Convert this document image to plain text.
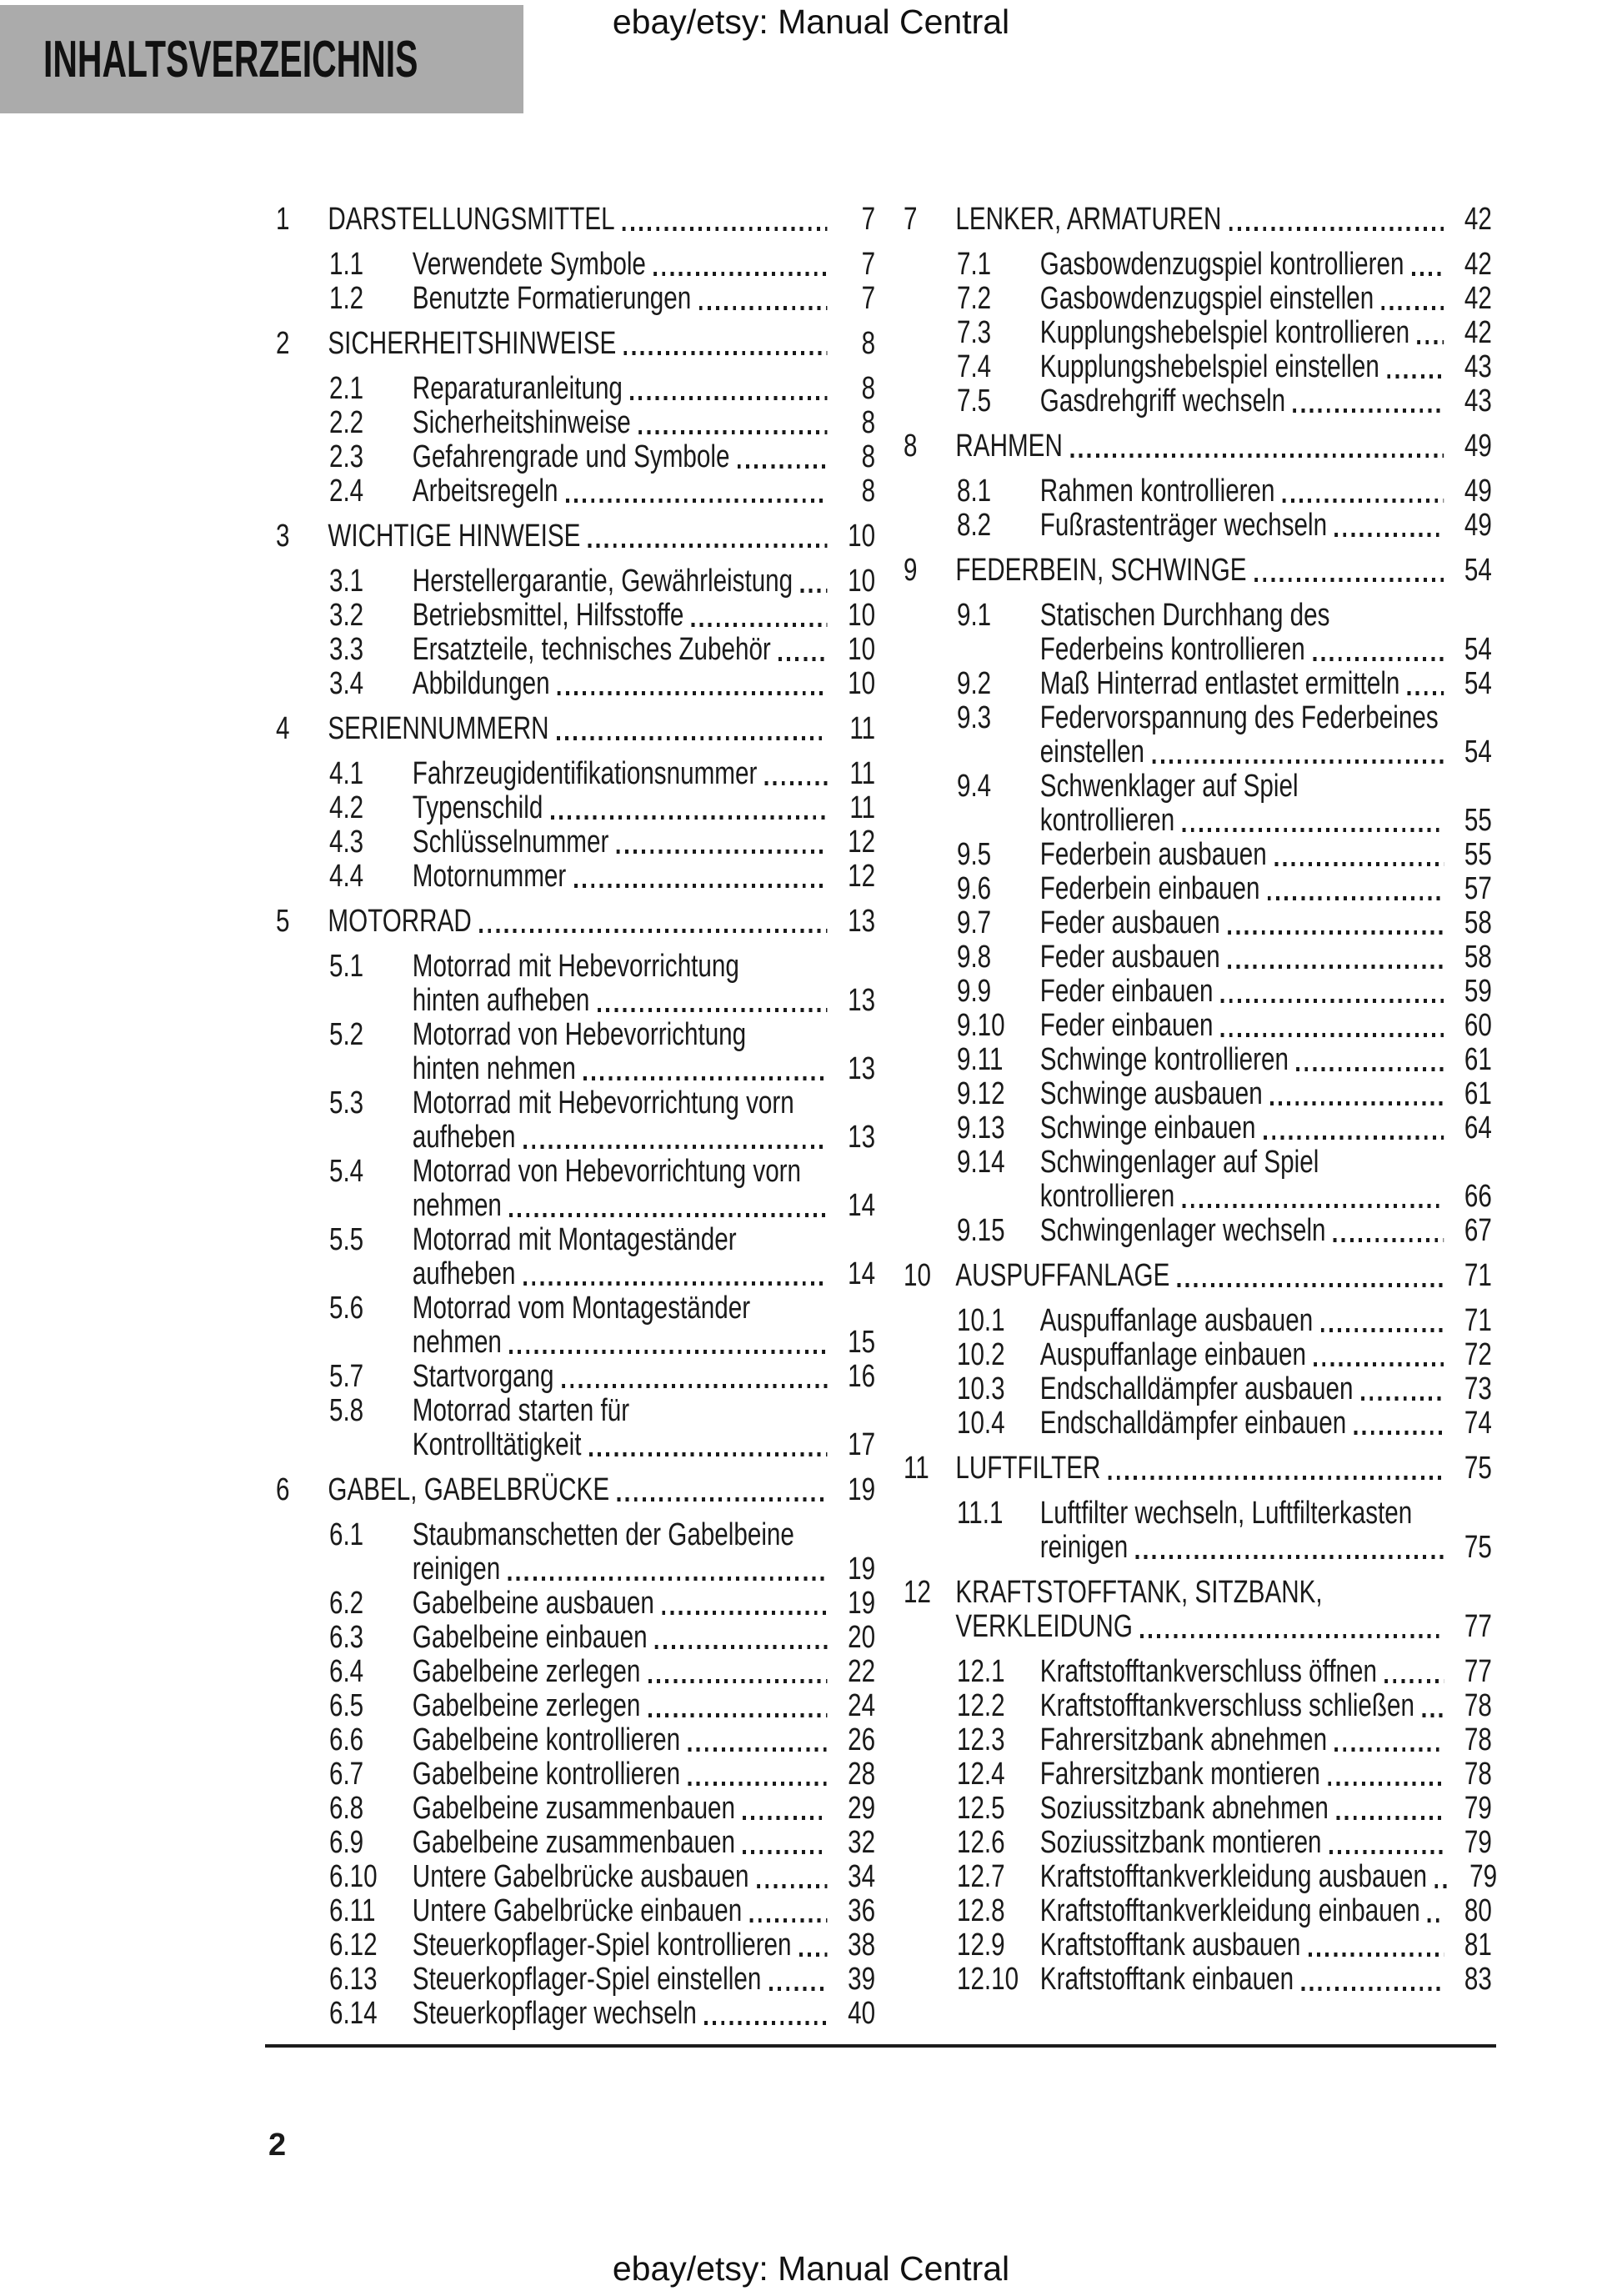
INHALTSVERZEICHNIS
ebay/etsy: Manual Central
1	DARSTELLUNGSMITTEL	7
1.1	Verwendete Symbole	7
1.2	Benutzte Formatierungen	7
2	SICHERHEITSHINWEISE	8
2.1	Reparaturanleitung	8
2.2	Sicherheitshinweise	8
2.3	Gefahrengrade und Symbole	8
2.4	Arbeitsregeln	8
3	WICHTIGE HINWEISE	10
3.1	Herstellergarantie, Gewährleistung	10
3.2	Betriebsmittel, Hilfsstoffe	10
3.3	Ersatzteile, technisches Zubehör	10
3.4	Abbildungen	10
4	SERIENNUMMERN	11
4.1	Fahrzeugidentifikationsnummer	11
4.2	Typenschild	11
4.3	Schlüsselnummer	12
4.4	Motornummer	12
5	MOTORRAD	13
5.1	Motorrad mit Hebevorrichtung
hinten aufheben	13
5.2	Motorrad von Hebevorrichtung
hinten nehmen	13
5.3	Motorrad mit Hebevorrichtung vorn
aufheben	13
5.4	Motorrad von Hebevorrichtung vorn
nehmen	14
5.5	Motorrad mit Montageständer
aufheben	14
5.6	Motorrad vom Montageständer
nehmen	15
5.7	Startvorgang	16
5.8	Motorrad starten für
Kontrolltätigkeit	17
6	GABEL, GABELBRÜCKE	19
6.1	Staubmanschetten der Gabelbeine
reinigen	19
6.2	Gabelbeine ausbauen	19
6.3	Gabelbeine einbauen	20
6.4	Gabelbeine zerlegen	22
6.5	Gabelbeine zerlegen	24
6.6	Gabelbeine kontrollieren	26
6.7	Gabelbeine kontrollieren	28
6.8	Gabelbeine zusammenbauen	29
6.9	Gabelbeine zusammenbauen	32
6.10	Untere Gabelbrücke ausbauen	34
6.11	Untere Gabelbrücke einbauen	36
6.12	Steuerkopflager-Spiel kontrollieren	38
6.13	Steuerkopflager-Spiel einstellen	39
6.14	Steuerkopflager wechseln	40
7	LENKER, ARMATUREN	42
7.1	Gasbowdenzugspiel kontrollieren	42
7.2	Gasbowdenzugspiel einstellen	42
7.3	Kupplungshebelspiel kontrollieren	42
7.4	Kupplungshebelspiel einstellen	43
7.5	Gasdrehgriff wechseln	43
8	RAHMEN	49
8.1	Rahmen kontrollieren	49
8.2	Fußrastenträger wechseln	49
9	FEDERBEIN, SCHWINGE	54
9.1	Statischen Durchhang des
Federbeins kontrollieren	54
9.2	Maß Hinterrad entlastet ermitteln	54
9.3	Federvorspannung des Federbeines
einstellen	54
9.4	Schwenklager auf Spiel
kontrollieren	55
9.5	Federbein ausbauen	55
9.6	Federbein einbauen	57
9.7	Feder ausbauen	58
9.8	Feder ausbauen	58
9.9	Feder einbauen	59
9.10	Feder einbauen	60
9.11	Schwinge kontrollieren	61
9.12	Schwinge ausbauen	61
9.13	Schwinge einbauen	64
9.14	Schwingenlager auf Spiel
kontrollieren	66
9.15	Schwingenlager wechseln	67
10 AUSPUFFANLAGE	71
10.1	Auspuffanlage ausbauen	71
10.2	Auspuffanlage einbauen	72
10.3	Endschalldämpfer ausbauen	73
10.4	Endschalldämpfer einbauen	74
11 LUFTFILTER	75
11.1	Luftfilter wechseln, Luftfilterkasten
reinigen	75
12 KRAFTSTOFFTANK, SITZBANK,
VERKLEIDUNG	77
12.1	Kraftstofftankverschluss öffnen	77
12.2	Kraftstofftankverschluss schließen	78
12.3	Fahrersitzbank abnehmen	78
12.4	Fahrersitzbank montieren	78
12.5	Soziussitzbank abnehmen	79
12.6	Soziussitzbank montieren	79
12.7	Kraftstofftankverkleidung ausbauen	79
12.8	Kraftstofftankverkleidung einbauen	80
12.9	Kraftstofftank ausbauen	81
12.10 Kraftstofftank einbauen	83
2
ebay/etsy: Manual Central
